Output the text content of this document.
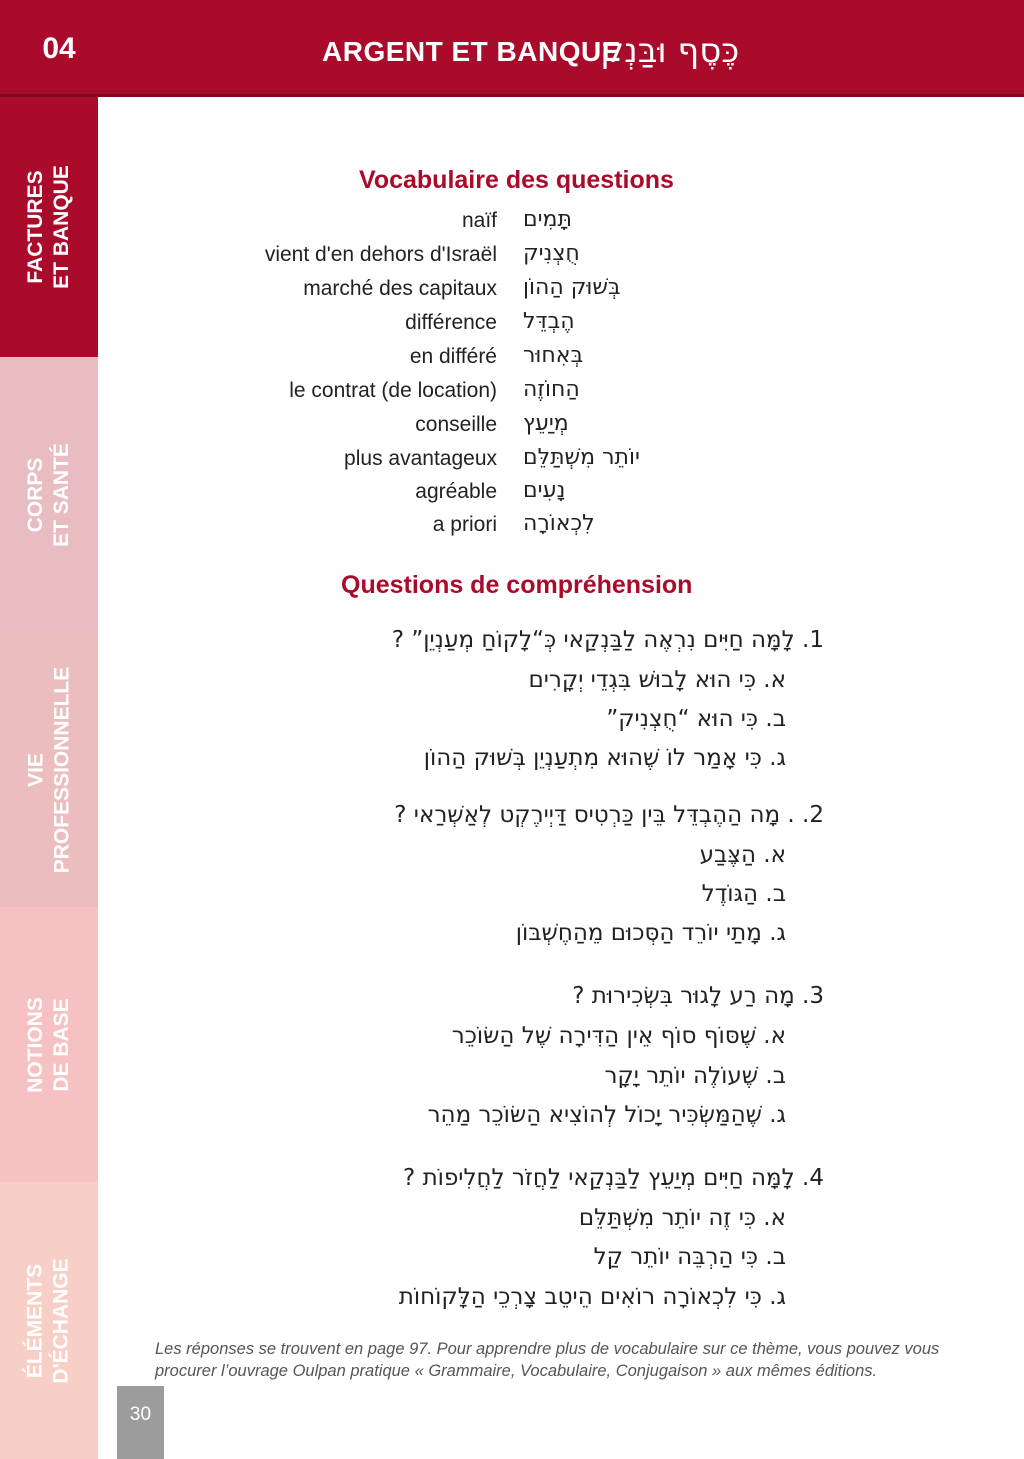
04	ARGENT ET BANQUE
כֶּסֶף וּבַּנְק
FACTURES ET BANQUE
CORPS ET SANTÉ
VIE PROFESSIONNELLE
NOTIONS DE BASE
ÉLÉMENTS D'ÉCHANGE
Vocabulaire des questions
naïf תָּמִים
vient d'en dehors d'Israël חֻצְנִיק
marché des capitaux בְּשׁוּק הַהוֹן
différence הֶבְדֵּל
en différé בְּאִחוּר
le contrat (de location) הַחוֹזֶה
conseille מְיַעֵץ
plus avantageux יוֹתֵר מִשְׁתַּלֵּם
agréable נָעִים
a priori לִכְאוֹרָה
Questions de compréhension
1. לָמָּה חַיִּים נִרְאֶה לַבַּנְקַאי כְּ“לָקוֹחַ מְעַנְיֵן” ?
א. כִּי הוּא לָבוּשׁ בִּגְדֵי יְקָרִים
ב. כִּי הוּא “חֻצְנִיק”
ג. כִּי אָמַר לוֹ שֶׁהוּא מִתְעַנְיֵן בְּשׁוּק הַהוֹן
2. . מָה הַהֶבְדֵּל בֵּין כַּרְטִיס דַּיְירֶקְט לְאַשְׁרַאי ?
א. הַצֶּבַע
ב. הַגּוֹדֶל
ג. מָתַי יוֹרֵד הַסְּכוּם מֵהַחֶשְׁבּוֹן
3. מָה רַע לָגוּר בִּשְׂכִירוּת ?
א. שֶׁסּוֹף סוֹף אֵין הַדִּירָה שֶׁל הַשּׂוֹכֵר
ב. שֶׁעוֹלֶה יוֹתֵר יָקָר
ג. שֶׁהַמַּשְׂכִּיר יָכוֹל לְהוֹצִיא הַשּׂוֹכֵר מַהֵר
4. לָמָּה חַיִּים מְיַעֵץ לַבַּנְקַאי לַחֲזֹר לַחֲלִיפוֹת ?
א. כִּי זֶה יוֹתֵר מִשְׁתַּלֵּם
ב. כִּי הַרְבֵּה יוֹתֵר קַל
ג. כִּי לִכְאוֹרָה רוֹאִים הֵיטֵב צָרְכֵי הַלָּקוֹחוֹת
Les réponses se trouvent en page 97. Pour apprendre plus de vocabulaire sur ce thème, vous pouvez vous procurer l’ouvrage Oulpan pratique « Grammaire, Vocabulaire, Conjugaison » aux mêmes éditions.
30
